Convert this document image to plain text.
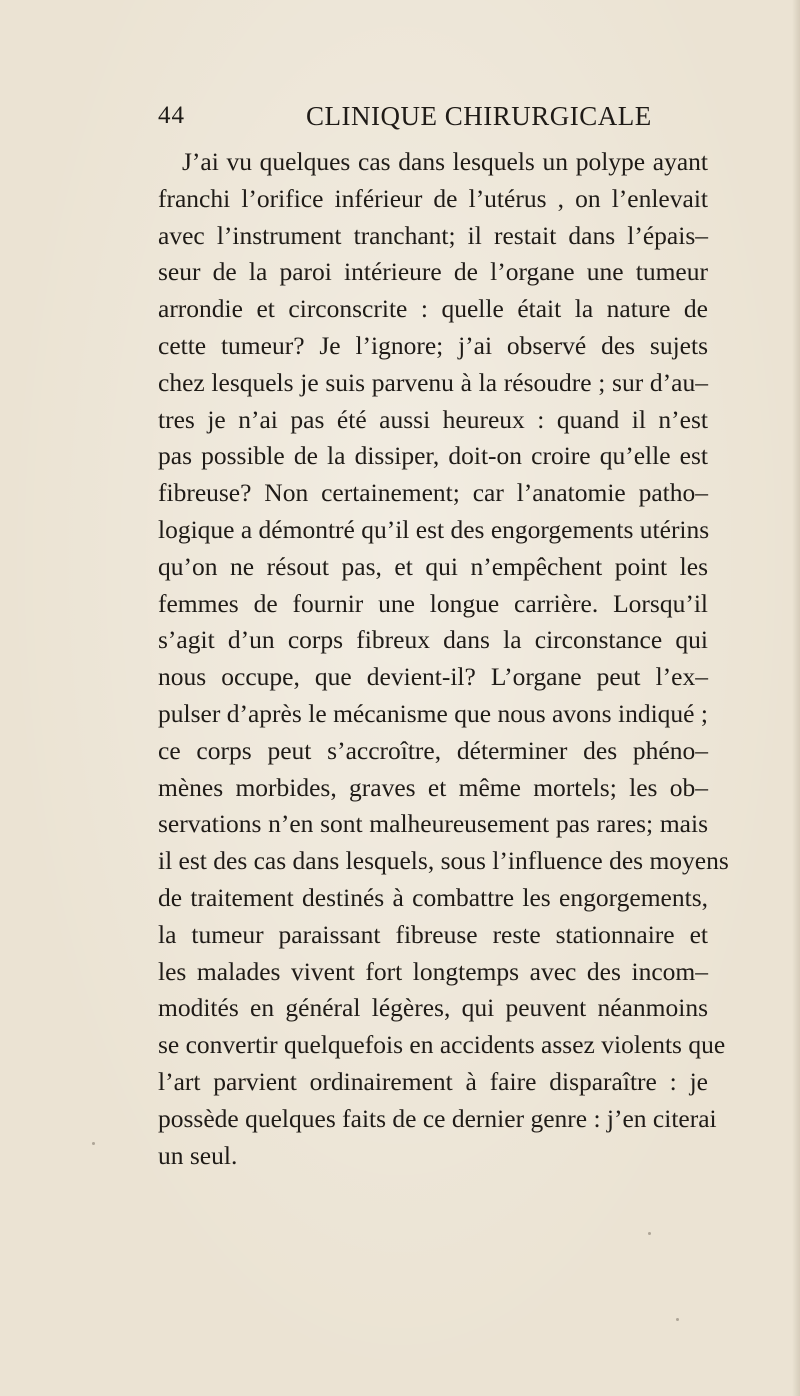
44	CLINIQUE CHIRURGICALE
J’ai vu quelques cas dans lesquels un polype ayant
franchi l’orifice inférieur de l’utérus , on l’enlevait
avec l’instrument tranchant; il restait dans l’épais–
seur de la paroi intérieure de l’organe une tumeur
arrondie et circonscrite : quelle était la nature de
cette tumeur? Je l’ignore; j’ai observé des sujets
chez lesquels je suis parvenu à la résoudre ; sur d’au–
tres je n’ai pas été aussi heureux : quand il n’est
pas possible de la dissiper, doit-on croire qu’elle est
fibreuse? Non certainement; car l’anatomie patho–
logique a démontré qu’il est des engorgements utérins
qu’on ne résout pas, et qui n’empêchent point les
femmes de fournir une longue carrière. Lorsqu’il
s’agit d’un corps fibreux dans la circonstance qui
nous occupe, que devient-il? L’organe peut l’ex–
pulser d’après le mécanisme que nous avons indiqué ;
ce corps peut s’accroître, déterminer des phéno–
mènes morbides, graves et même mortels; les ob–
servations n’en sont malheureusement pas rares; mais
il est des cas dans lesquels, sous l’influence des moyens
de traitement destinés à combattre les engorgements,
la tumeur paraissant fibreuse reste stationnaire et
les malades vivent fort longtemps avec des incom–
modités en général légères, qui peuvent néanmoins
se convertir quelquefois en accidents assez violents que
l’art parvient ordinairement à faire disparaître : je
possède quelques faits de ce dernier genre : j’en citerai
un seul.
